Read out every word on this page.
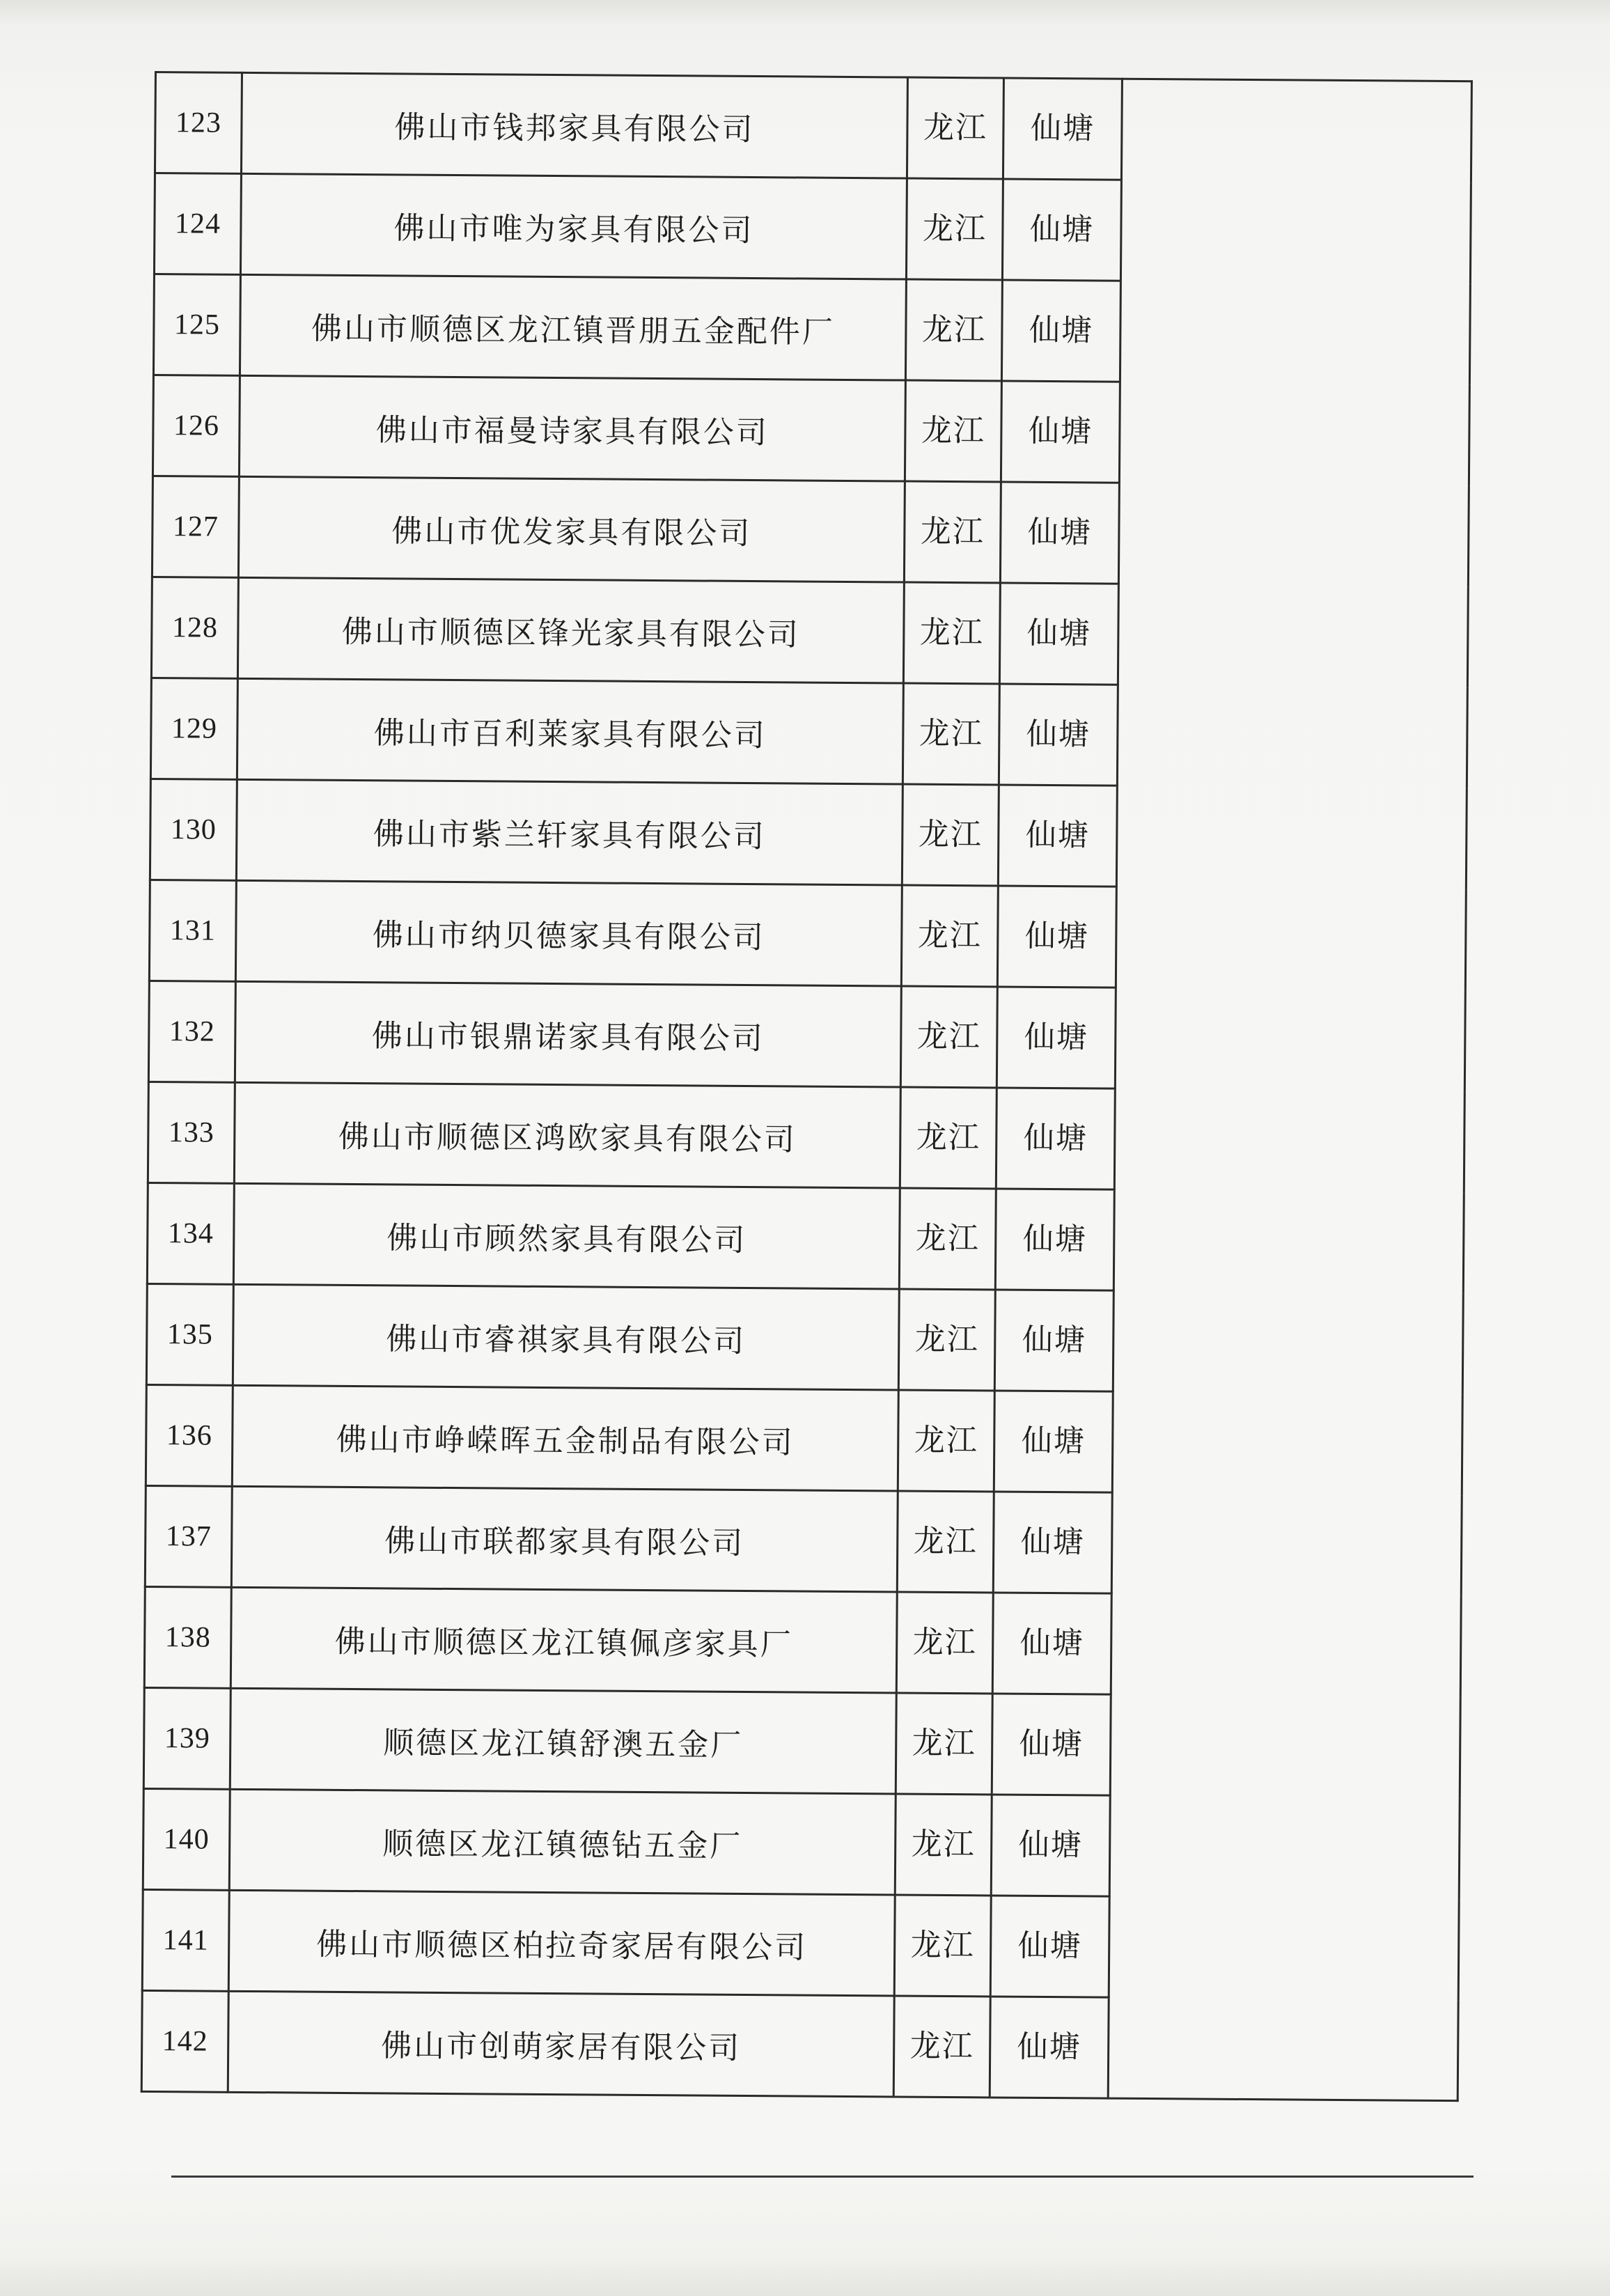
123	佛山市钱邦家具有限公司	龙江	仙塘	
124	佛山市唯为家具有限公司	龙江	仙塘	
125	佛山市顺德区龙江镇晋朋五金配件厂	龙江	仙塘	
126	佛山市福曼诗家具有限公司	龙江	仙塘	
127	佛山市优发家具有限公司	龙江	仙塘	
128	佛山市顺德区锋光家具有限公司	龙江	仙塘	
129	佛山市百利莱家具有限公司	龙江	仙塘	
130	佛山市紫兰轩家具有限公司	龙江	仙塘	
131	佛山市纳贝德家具有限公司	龙江	仙塘	
132	佛山市银鼎诺家具有限公司	龙江	仙塘	
133	佛山市顺德区鸿欧家具有限公司	龙江	仙塘	
134	佛山市顾然家具有限公司	龙江	仙塘	
135	佛山市睿祺家具有限公司	龙江	仙塘	
136	佛山市峥嵘晖五金制品有限公司	龙江	仙塘	
137	佛山市联都家具有限公司	龙江	仙塘	
138	佛山市顺德区龙江镇佩彦家具厂	龙江	仙塘	
139	顺德区龙江镇舒澳五金厂	龙江	仙塘	
140	顺德区龙江镇德钻五金厂	龙江	仙塘	
141	佛山市顺德区柏拉奇家居有限公司	龙江	仙塘	
142	佛山市创萌家居有限公司	龙江	仙塘	
